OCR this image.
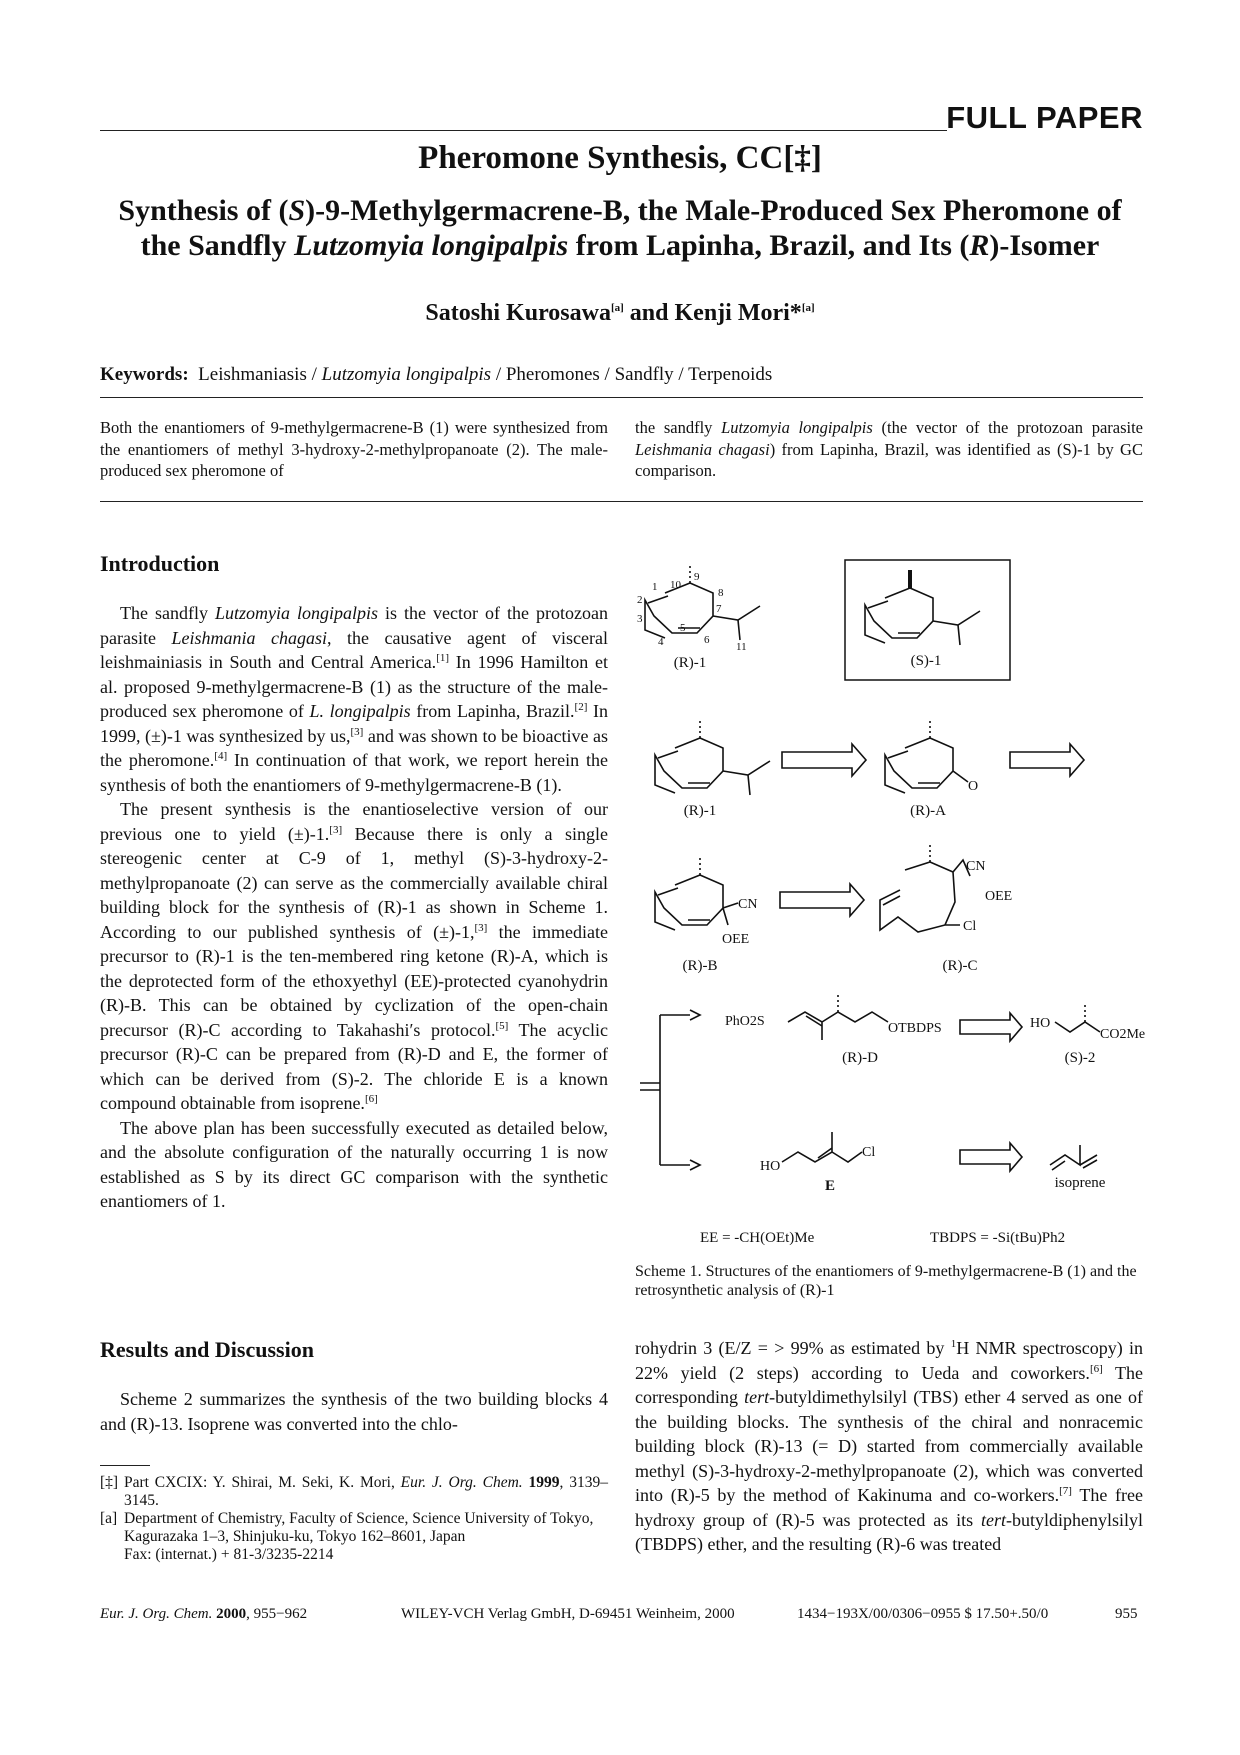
FULL PAPER
Pheromone Synthesis, CC[‡]
Synthesis of (S)-9-Methylgermacrene-B, the Male-Produced Sex Pheromone of
the Sandfly Lutzomyia longipalpis from Lapinha, Brazil, and Its (R)-Isomer
Satoshi Kurosawa[a] and Kenji Mori*[a]
Keywords: Leishmaniasis / Lutzomyia longipalpis / Pheromones / Sandfly / Terpenoids
Both the enantiomers of 9-methylgermacrene-B (1) were synthesized from the enantiomers of methyl 3-hydroxy-2-methylpropanoate (2). The male-produced sex pheromone of
the sandfly Lutzomyia longipalpis (the vector of the protozoan parasite Leishmania chagasi) from Lapinha, Brazil, was identified as (S)-1 by GC comparison.
Introduction

The sandfly Lutzomyia longipalpis is the vector of the protozoan parasite Leishmania chagasi, the causative agent of visceral leishmainiasis in South and Central America.[1] In 1996 Hamilton et al. proposed 9-methylgermacrene-B (1) as the structure of the male-produced sex pheromone of L. longipalpis from Lapinha, Brazil.[2] In 1999, (±)-1 was synthesized by us,[3] and was shown to be bioactive as the pheromone.[4] In continuation of that work, we report herein the synthesis of both the enantiomers of 9-methylgermacrene-B (1).

The present synthesis is the enantioselective version of our previous one to yield (±)-1.[3] Because there is only a single stereogenic center at C-9 of 1, methyl (S)-3-hydroxy-2-methylpropanoate (2) can serve as the commercially available chiral building block for the synthesis of (R)-1 as shown in Scheme 1. According to our published synthesis of (±)-1,[3] the immediate precursor to (R)-1 is the ten-membered ring ketone (R)-A, which is the deprotected form of the ethoxyethyl (EE)-protected cyanohydrin (R)-B. This can be obtained by cyclization of the open-chain precursor (R)-C according to Takahashi′s protocol.[5] The acyclic precursor (R)-C can be prepared from (R)-D and E, the former of which can be derived from (S)-2. The chloride E is a known compound obtainable from isoprene.[6]

The above plan has been successfully executed as detailed below, and the absolute configuration of the naturally occurring 1 is now established as S by its direct GC comparison with the synthetic enantiomers of 1.

Results and Discussion

Scheme 2 summarizes the synthesis of the two building blocks 4 and (R)-13. Isoprene was converted into the chlo-

rohydrin 3 (E/Z = > 99% as estimated by $^1$H NMR spectroscopy) in 22% yield (2 steps) according to Ueda and coworkers.[6] The corresponding tert-butyldimethylsilyl (TBS) ether 4 served as one of the building blocks. The synthesis of the chiral and nonracemic building block (R)-13 (= D) started from commercially available methyl (S)-3-hydroxy-2-methylpropanoate (2), which was converted into (R)-5 by the method of Kakinuma and co-workers.[7] The free hydroxy group of (R)-5 was protected as its tert-butyldiphenylsilyl (TBDPS) ether, and the resulting (R)-6 was treated

[‡] Part CXCIX: Y. Shirai, M. Seki, K. Mori, Eur. J. Org. Chem. 1999, 3139–3145.
[a] Department of Chemistry, Faculty of Science, Science University of Tokyo,
Kagurazaka 1–3, Shinjuku-ku, Tokyo 162–8601, Japan
Fax: (internat.) + 81-3/3235-2214
Eur. J. Org. Chem. 2000, 955−962	WILEY-VCH Verlag GmbH, D-69451 Weinheim, 2000	1434−193X/00/0306−0955 $ 17.50+.50/0	955
1
2
3
4
5
6
7
8
9
10
11
(R)-1	(S)-1
(R)-1
O
(R)-A
CN
OEE
(R)-B
CN
OEE
Cl
(R)-C
PhO2S	OTBDPS
(R)-D
HO
CO2Me
(S)-2
HO
Cl
E	isoprene
EE = -CH(OEt)Me	TBDPS = -Si(tBu)Ph2
Scheme 1. Structures of the enantiomers of 9-methylgermacrene-B (1) and the retrosynthetic analysis of (R)-1
